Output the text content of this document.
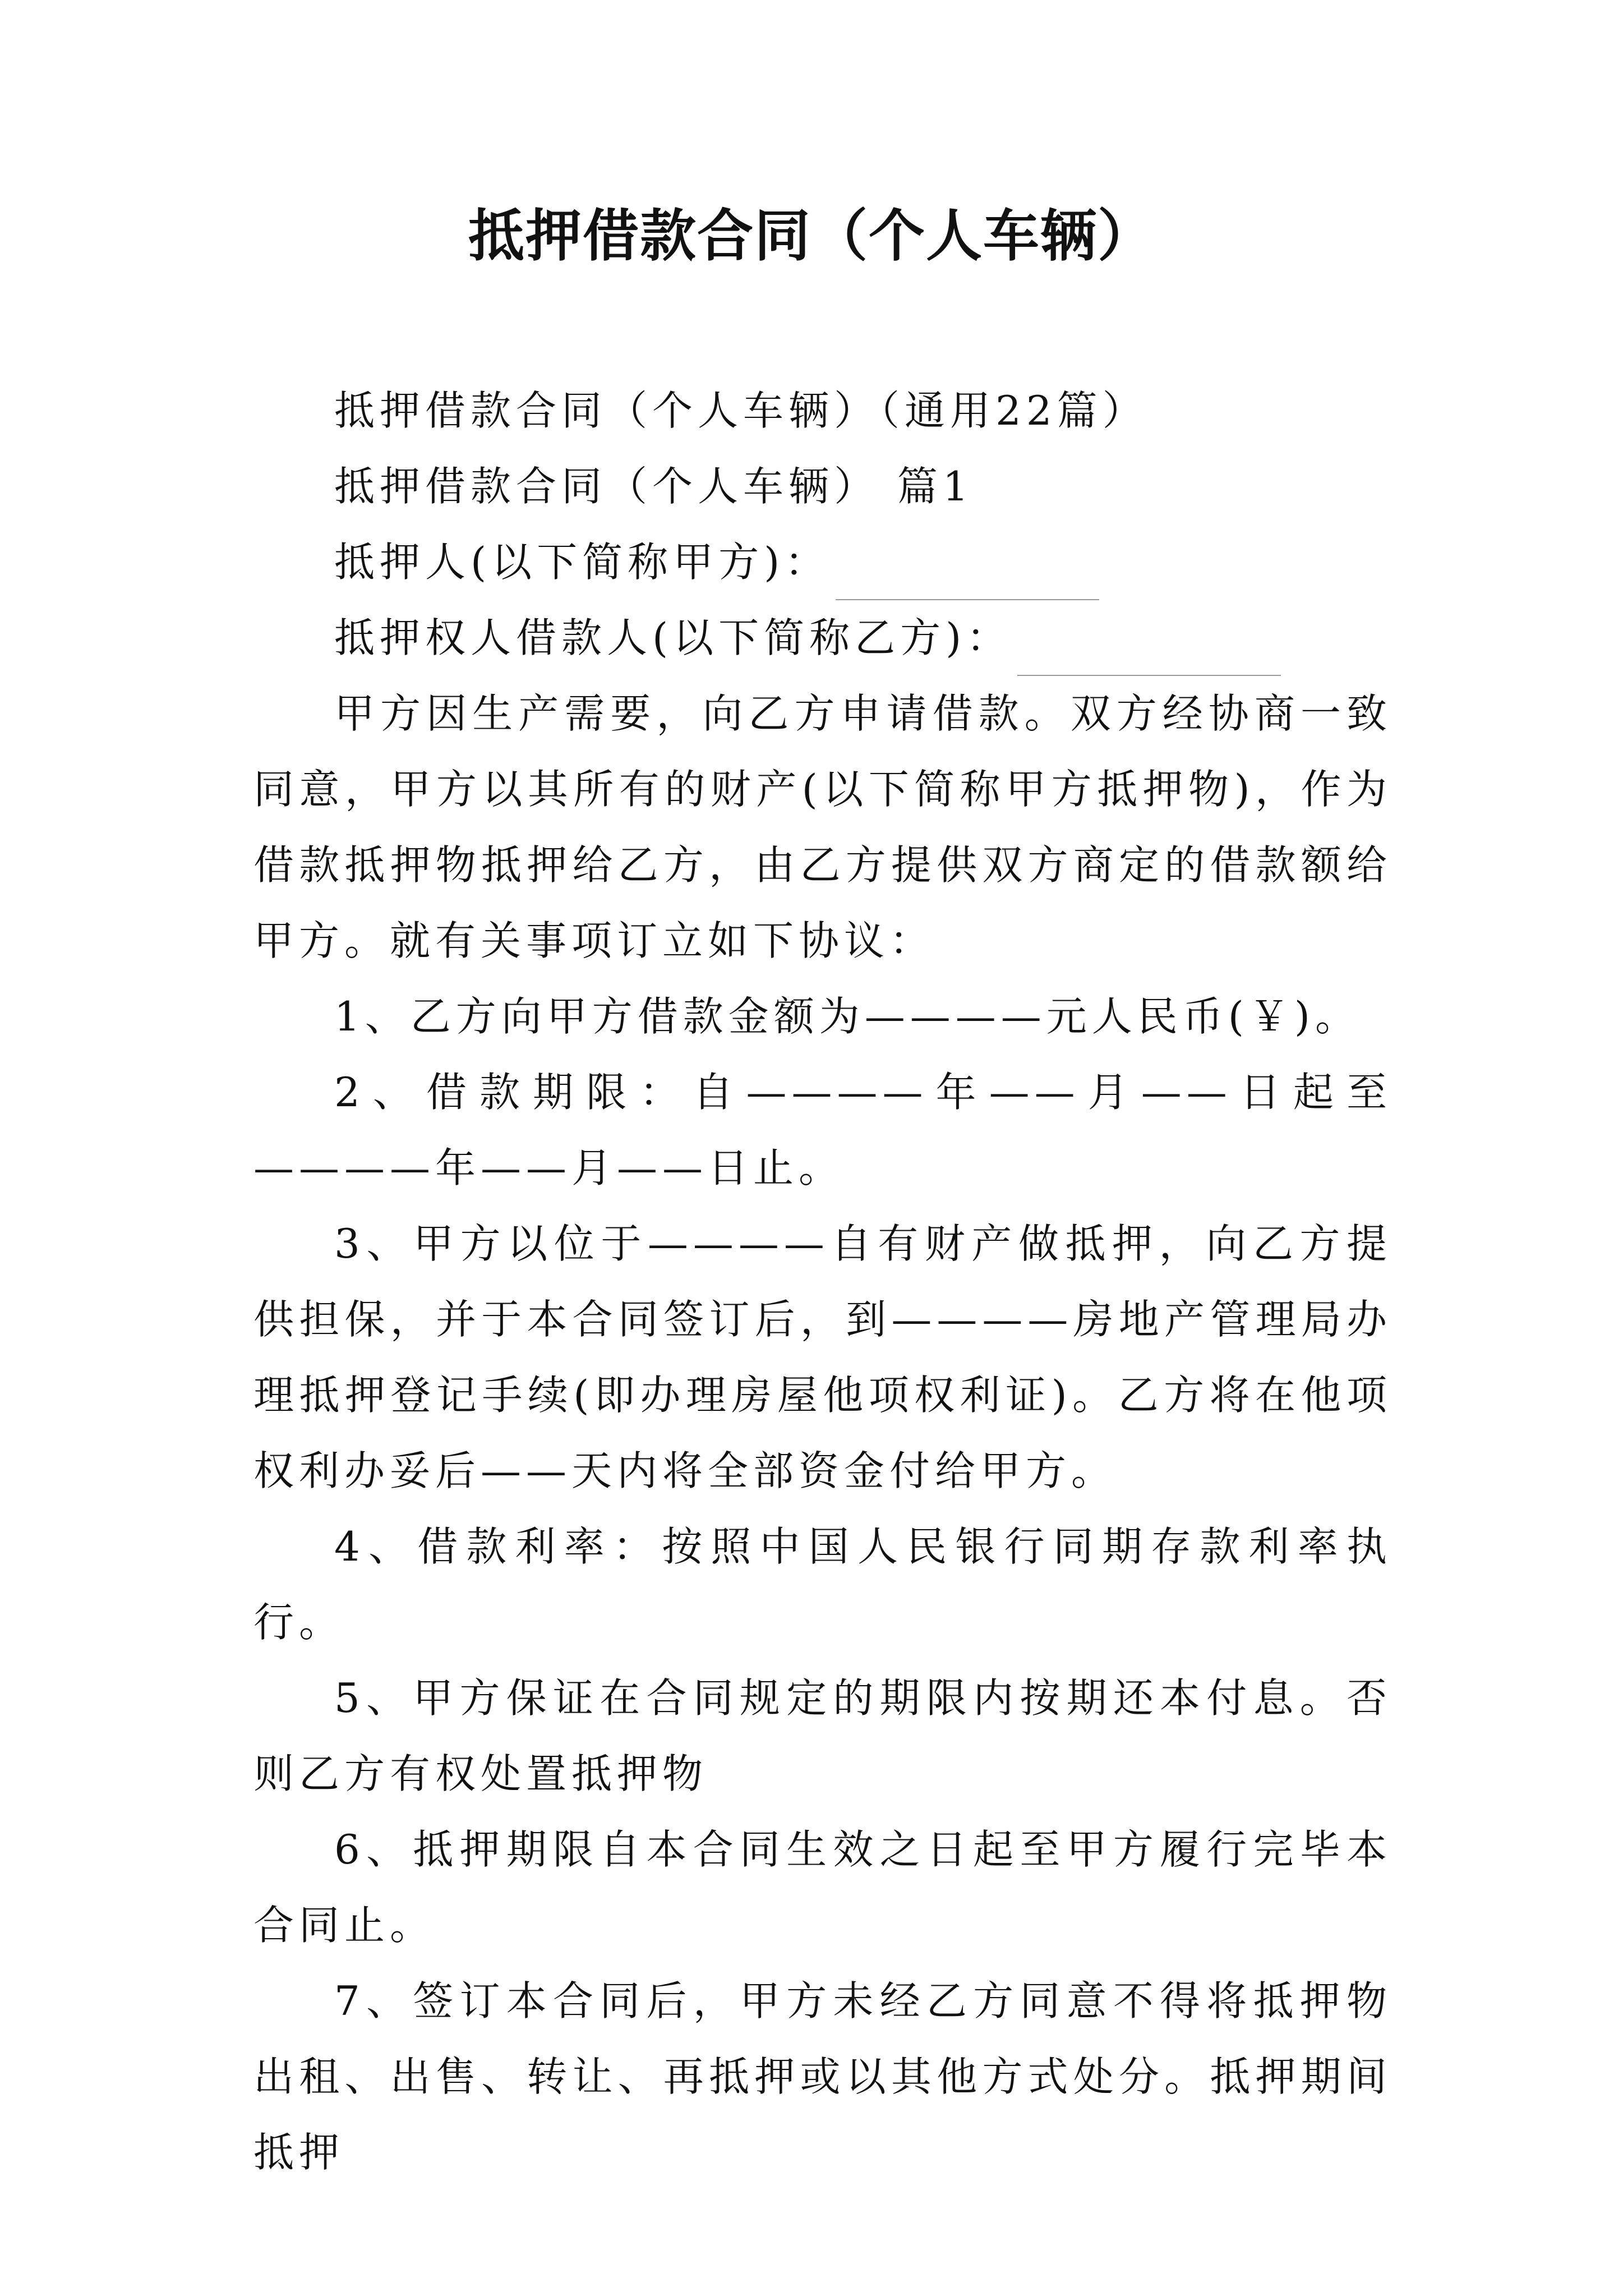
抵押借款合同（个人车辆）

抵押借款合同（个人车辆）（通用22篇）

抵押借款合同（个人车辆） 篇1

抵押人(以下简称甲方)：

抵押权人借款人(以下简称乙方)：

甲方因生产需要，向乙方申请借款。双方经协商一致同意，甲方以其所有的财产(以下简称甲方抵押物)，作为借款抵押物抵押给乙方，由乙方提供双方商定的借款额给甲方。就有关事项订立如下协议：

1、乙方向甲方借款金额为————元人民币(￥)。

2、借款期限：自————年——月——日起至————年——月——日止。

3、甲方以位于————自有财产做抵押，向乙方提供担保，并于本合同签订后，到————房地产管理局办理抵押登记手续(即办理房屋他项权利证)。乙方将在他项权利办妥后——天内将全部资金付给甲方。

4、借款利率：按照中国人民银行同期存款利率执行。

5、甲方保证在合同规定的期限内按期还本付息。否则乙方有权处置抵押物

6、抵押期限自本合同生效之日起至甲方履行完毕本合同止。

7、签订本合同后，甲方未经乙方同意不得将抵押物出租、出售、转让、再抵押或以其他方式处分。抵押期间抵押
